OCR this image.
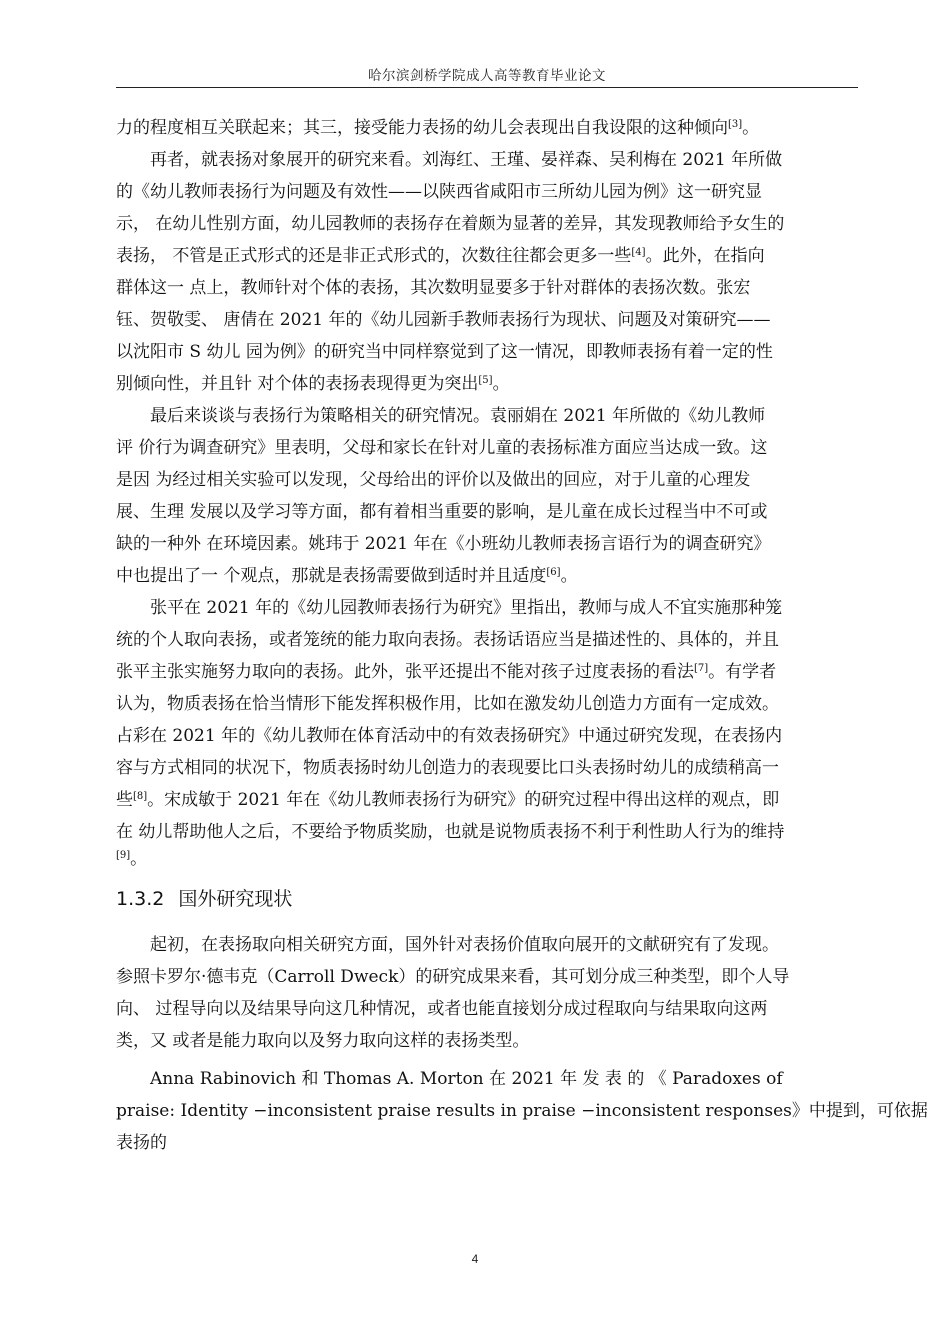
哈尔滨剑桥学院成人高等教育毕业论文

力的程度相互关联起来；其三，接受能力表扬的幼儿会表现出自我设限的这种倾向[3]。

再者，就表扬对象展开的研究来看。刘海红、王瑾、晏祥森、吴利梅在 2021 年所做
的《幼儿教师表扬行为问题及有效性——以陕西省咸阳市三所幼儿园为例》这一研究显
示， 在幼儿性别方面，幼儿园教师的表扬存在着颇为显著的差异，其发现教师给予女生的
表扬， 不管是正式形式的还是非正式形式的，次数往往都会更多一些[4]。此外，在指向
群体这一 点上，教师针对个体的表扬，其次数明显要多于针对群体的表扬次数。张宏
钰、贺敬雯、 唐倩在 2021 年的《幼儿园新手教师表扬行为现状、问题及对策研究——
以沈阳市 S 幼儿 园为例》的研究当中同样察觉到了这一情况，即教师表扬有着一定的性
别倾向性，并且针 对个体的表扬表现得更为突出[5]。

最后来谈谈与表扬行为策略相关的研究情况。袁丽娟在 2021 年所做的《幼儿教师
评 价行为调查研究》里表明，父母和家长在针对儿童的表扬标准方面应当达成一致。这
是因 为经过相关实验可以发现，父母给出的评价以及做出的回应，对于儿童的心理发
展、生理 发展以及学习等方面，都有着相当重要的影响，是儿童在成长过程当中不可或
缺的一种外 在环境因素。姚玮于 2021 年在《小班幼儿教师表扬言语行为的调查研究》
中也提出了一 个观点，那就是表扬需要做到适时并且适度[6]。

张平在 2021 年的《幼儿园教师表扬行为研究》里指出，教师与成人不宜实施那种笼
统的个人取向表扬，或者笼统的能力取向表扬。表扬话语应当是描述性的、具体的，并且
张平主张实施努力取向的表扬。此外，张平还提出不能对孩子过度表扬的看法[7]。有学者
认为，物质表扬在恰当情形下能发挥积极作用，比如在激发幼儿创造力方面有一定成效。
占彩在 2021 年的《幼儿教师在体育活动中的有效表扬研究》中通过研究发现，在表扬内
容与方式相同的状况下，物质表扬时幼儿创造力的表现要比口头表扬时幼儿的成绩稍高一
些[8]。宋成敏于 2021 年在《幼儿教师表扬行为研究》的研究过程中得出这样的观点，即
在 幼儿帮助他人之后，不要给予物质奖励，也就是说物质表扬不利于利性助人行为的维持
[9]。

1.3.2 国外研究现状

起初，在表扬取向相关研究方面，国外针对表扬价值取向展开的文献研究有了发现。
参照卡罗尔·德韦克（Carroll Dweck）的研究成果来看，其可划分成三种类型，即个人导
向、 过程导向以及结果导向这几种情况，或者也能直接划分成过程取向与结果取向这两
类，又 或者是能力取向以及努力取向这样的表扬类型。

Anna Rabinovich 和 Thomas A. Morton 在 2021 年 发 表 的 《 Paradoxes of
praise: Identity −inconsistent praise results in praise −inconsistent responses》中提到，可依据
表扬的

4
